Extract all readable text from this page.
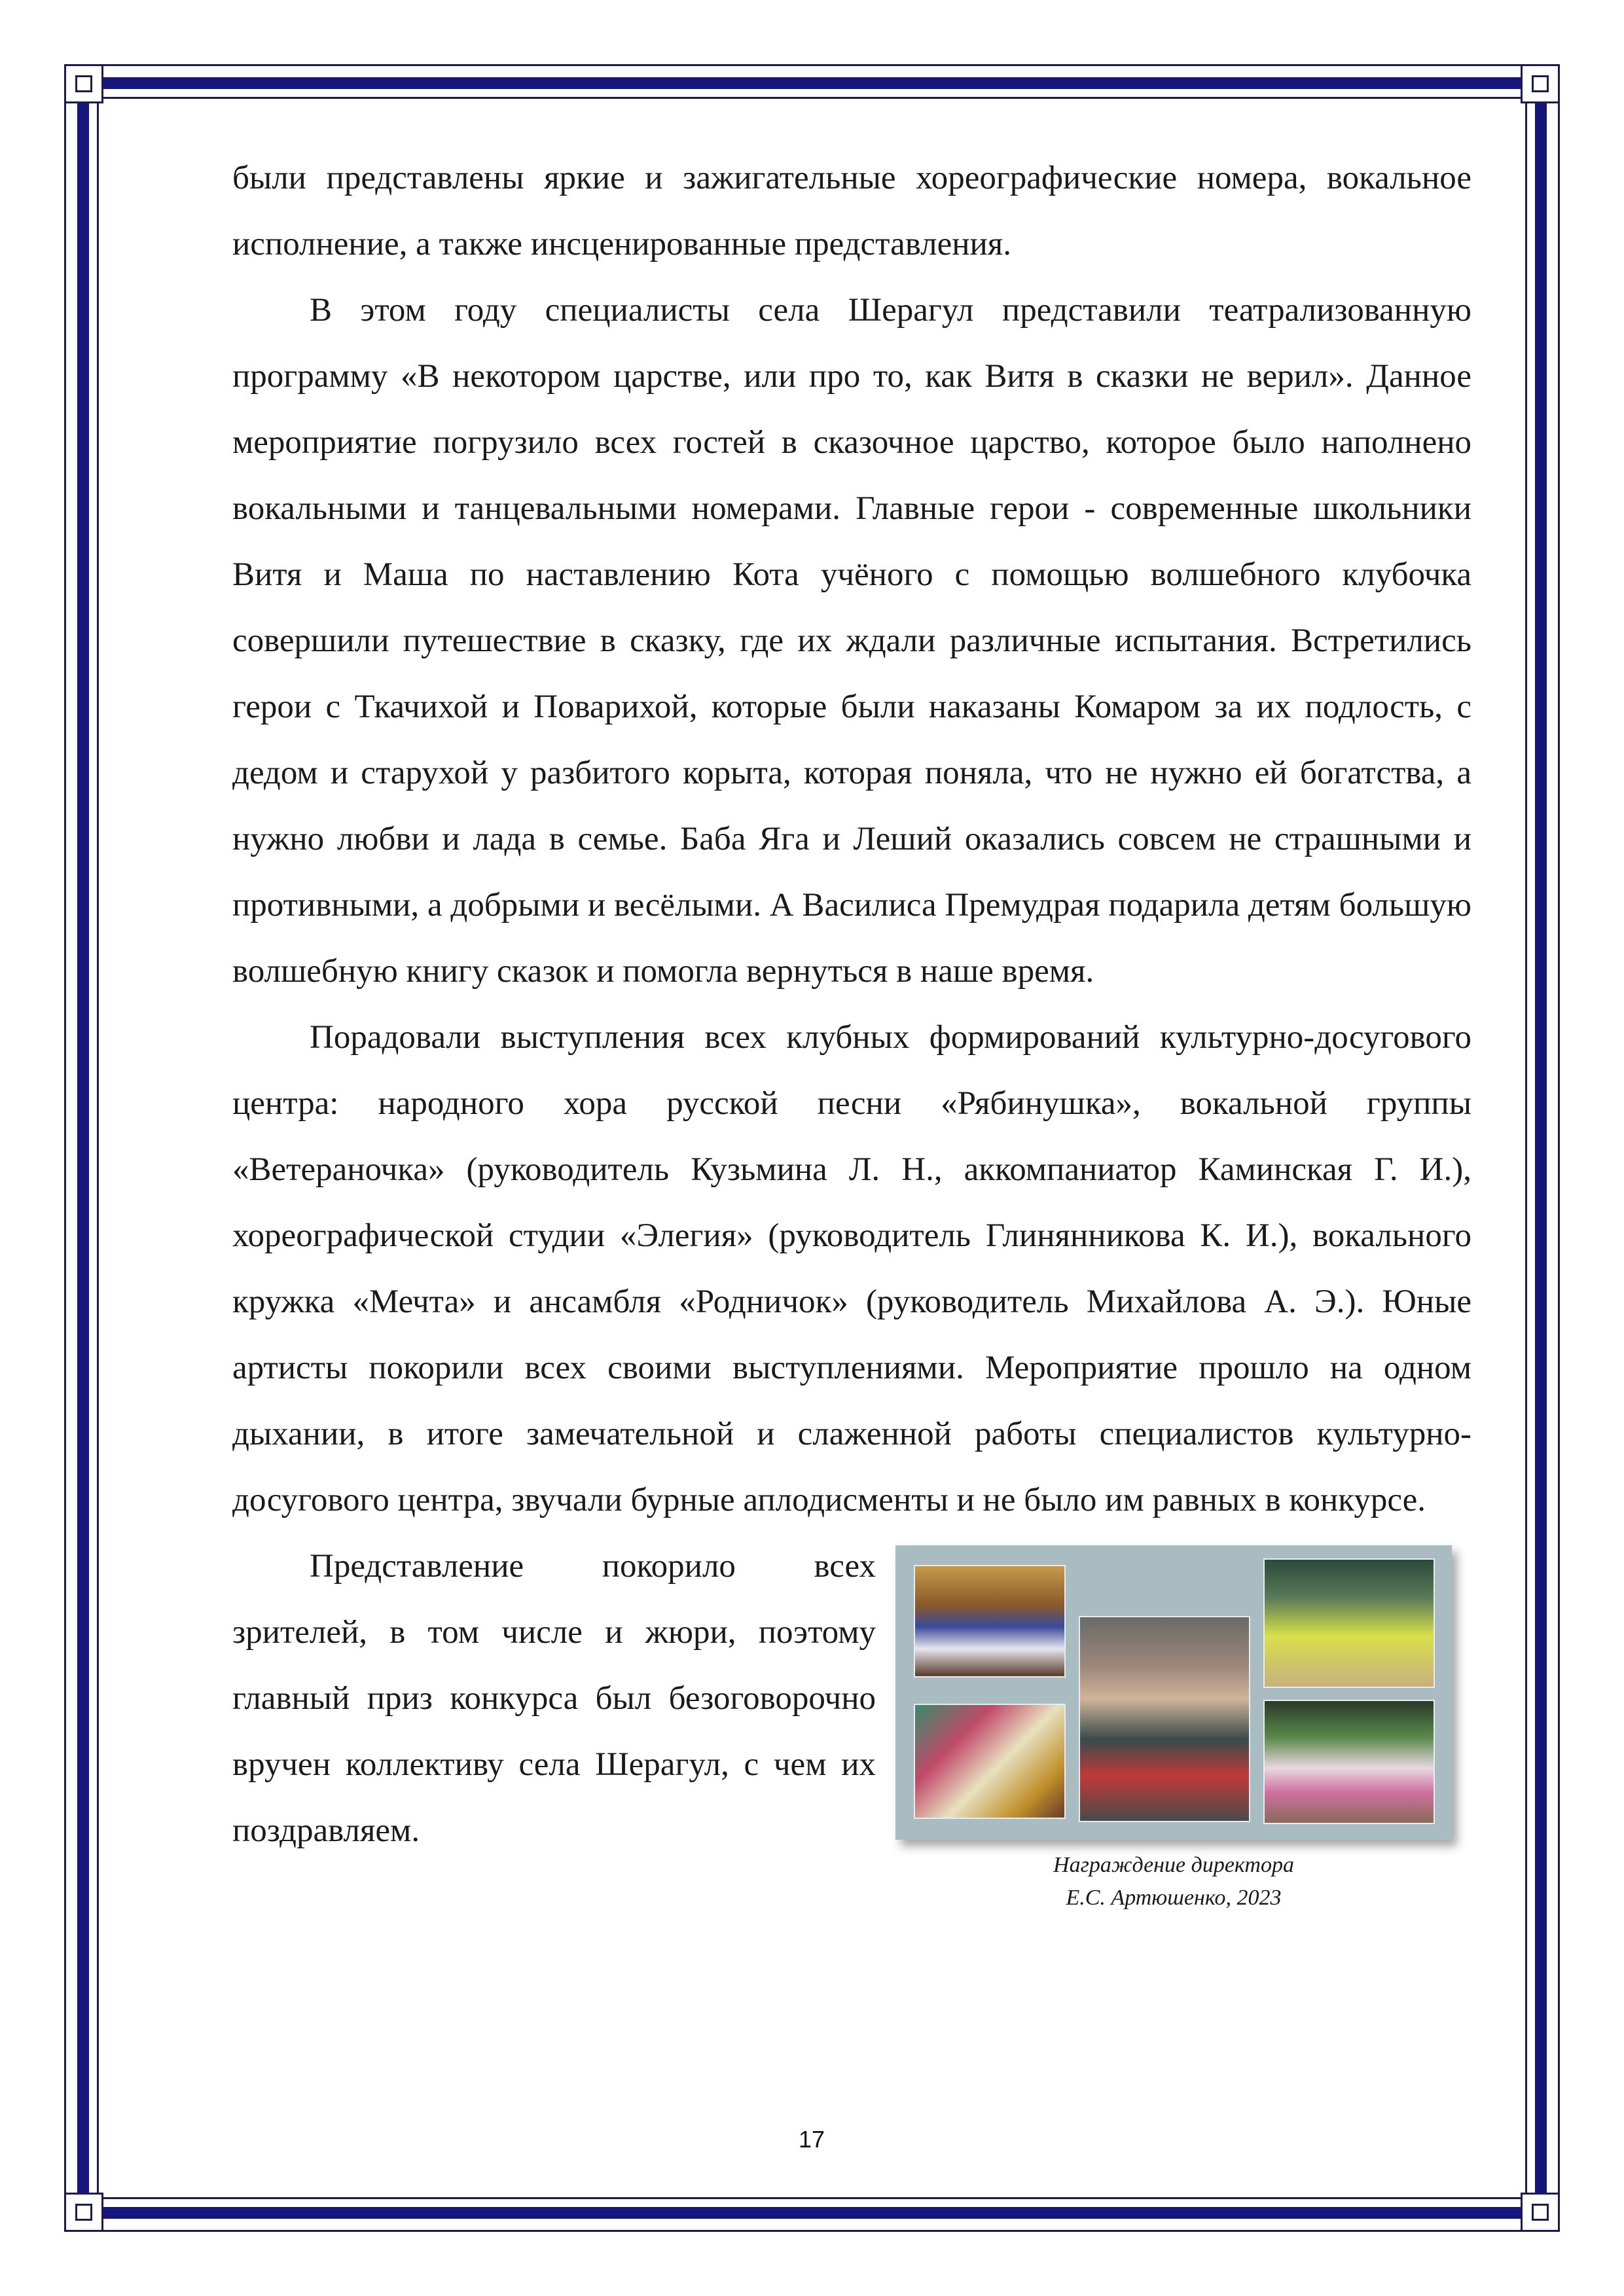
были представлены яркие и зажигательные хореографические номера, вокальное исполнение, а также инсценированные представления.

В этом году специалисты села Шерагул представили театрализованную программу «В некотором царстве, или про то, как Витя в сказки не верил». Данное мероприятие погрузило всех гостей в сказочное царство, которое было наполнено вокальными и танцевальными номерами. Главные герои - современные школьники Витя и Маша по наставлению Кота учёного с помощью волшебного клубочка совершили путешествие в сказку, где их ждали различные испытания. Встретились герои с Ткачихой и Поварихой, которые были наказаны Комаром за их подлость, с дедом и старухой у разбитого корыта, которая поняла, что не нужно ей богатства, а нужно любви и лада в семье. Баба Яга и Леший оказались совсем не страшными и противными, а добрыми и весёлыми. А Василиса Премудрая подарила детям большую волшебную книгу сказок и помогла вернуться в наше время.

Порадовали выступления всех клубных формирований культурно-досугового центра: народного хора русской песни «Рябинушка», вокальной группы «Ветераночка» (руководитель Кузьмина Л. Н., аккомпаниатор Каминская Г. И.), хореографической студии «Элегия» (руководитель Глинянникова К. И.), вокального кружка «Мечта» и ансамбля «Родничок» (руководитель Михайлова А. Э.). Юные артисты покорили всех своими выступлениями. Мероприятие прошло на одном дыхании, в итоге замечательной и слаженной работы специалистов культурно-досугового центра, звучали бурные аплодисменты и не было им равных в конкурсе.

Награждение директора
Е.С. Артюшенко, 2023

Представление покорило всех зрителей, в том числе и жюри, поэтому главный приз конкурса был безоговорочно вручен коллективу села Шерагул, с чем их поздравляем.

17
